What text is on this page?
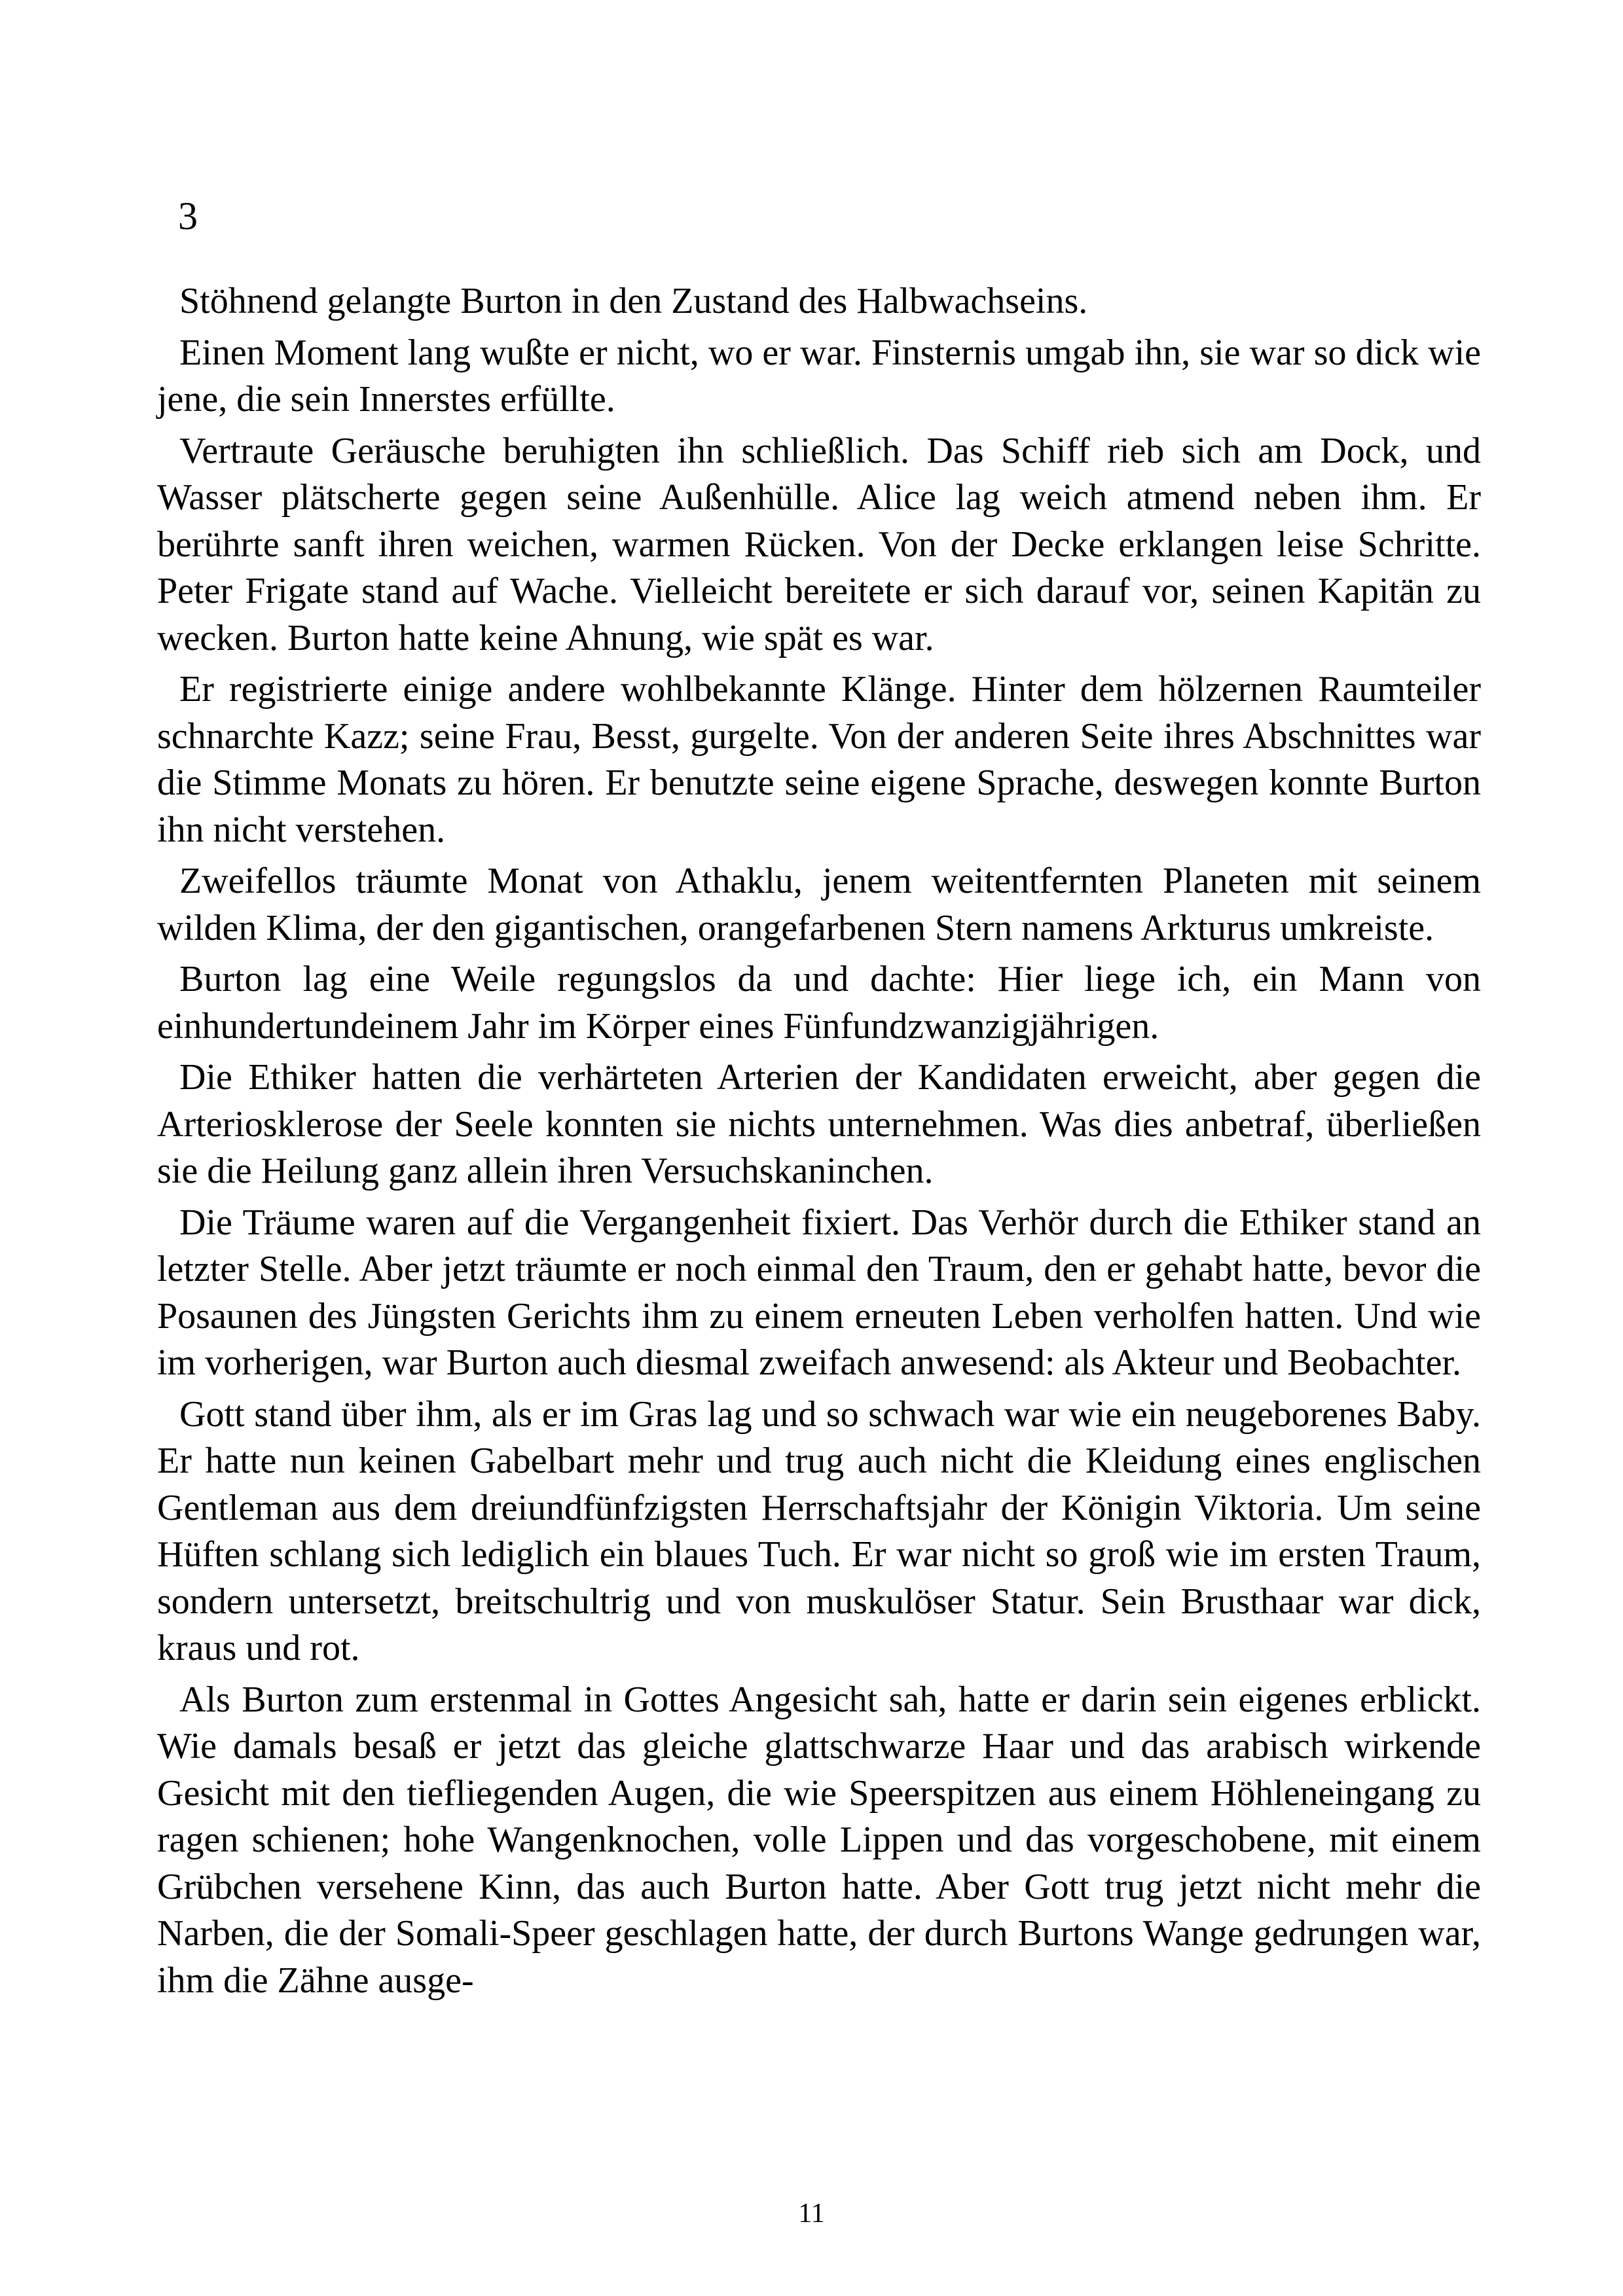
3

Stöhnend gelangte Burton in den Zustand des Halbwachseins.

Einen Moment lang wußte er nicht, wo er war. Finsternis umgab ihn, sie war so dick wie jene, die sein Innerstes erfüllte.

Vertraute Geräusche beruhigten ihn schließlich. Das Schiff rieb sich am Dock, und Wasser plätscherte gegen seine Außenhülle. Alice lag weich atmend neben ihm. Er berührte sanft ihren weichen, warmen Rücken. Von der Decke erklangen leise Schritte. Peter Frigate stand auf Wache. Vielleicht bereitete er sich darauf vor, seinen Kapitän zu wecken. Burton hatte keine Ahnung, wie spät es war.

Er registrierte einige andere wohlbekannte Klänge. Hinter dem hölzernen Raumteiler schnarchte Kazz; seine Frau, Besst, gurgelte. Von der anderen Seite ihres Abschnittes war die Stimme Monats zu hören. Er benutzte seine eigene Sprache, deswegen konnte Burton ihn nicht verstehen.

Zweifellos träumte Monat von Athaklu, jenem weitentfernten Planeten mit seinem wilden Klima, der den gigantischen, orangefarbenen Stern namens Arkturus umkreiste.

Burton lag eine Weile regungslos da und dachte: Hier liege ich, ein Mann von einhundertundeinem Jahr im Körper eines Fünfundzwanzigjährigen.

Die Ethiker hatten die verhärteten Arterien der Kandidaten erweicht, aber gegen die Arteriosklerose der Seele konnten sie nichts unternehmen. Was dies anbetraf, überließen sie die Heilung ganz allein ihren Versuchskaninchen.

Die Träume waren auf die Vergangenheit fixiert. Das Verhör durch die Ethiker stand an letzter Stelle. Aber jetzt träumte er noch einmal den Traum, den er gehabt hatte, bevor die Posaunen des Jüngsten Gerichts ihm zu einem erneuten Leben verholfen hatten. Und wie im vorherigen, war Burton auch diesmal zweifach anwesend: als Akteur und Beobachter.

Gott stand über ihm, als er im Gras lag und so schwach war wie ein neugeborenes Baby. Er hatte nun keinen Gabelbart mehr und trug auch nicht die Kleidung eines englischen Gentleman aus dem dreiundfünfzigsten Herrschaftsjahr der Königin Viktoria. Um seine Hüften schlang sich lediglich ein blaues Tuch. Er war nicht so groß wie im ersten Traum, sondern untersetzt, breitschultrig und von muskulöser Statur. Sein Brusthaar war dick, kraus und rot.

Als Burton zum erstenmal in Gottes Angesicht sah, hatte er darin sein eigenes erblickt. Wie damals besaß er jetzt das gleiche glattschwarze Haar und das arabisch wirkende Gesicht mit den tiefliegenden Augen, die wie Speerspitzen aus einem Höhleneingang zu ragen schienen; hohe Wangenknochen, volle Lippen und das vorgeschobene, mit einem Grübchen versehene Kinn, das auch Burton hatte. Aber Gott trug jetzt nicht mehr die Narben, die der Somali-Speer geschlagen hatte, der durch Burtons Wange gedrungen war, ihm die Zähne ausge-

11
